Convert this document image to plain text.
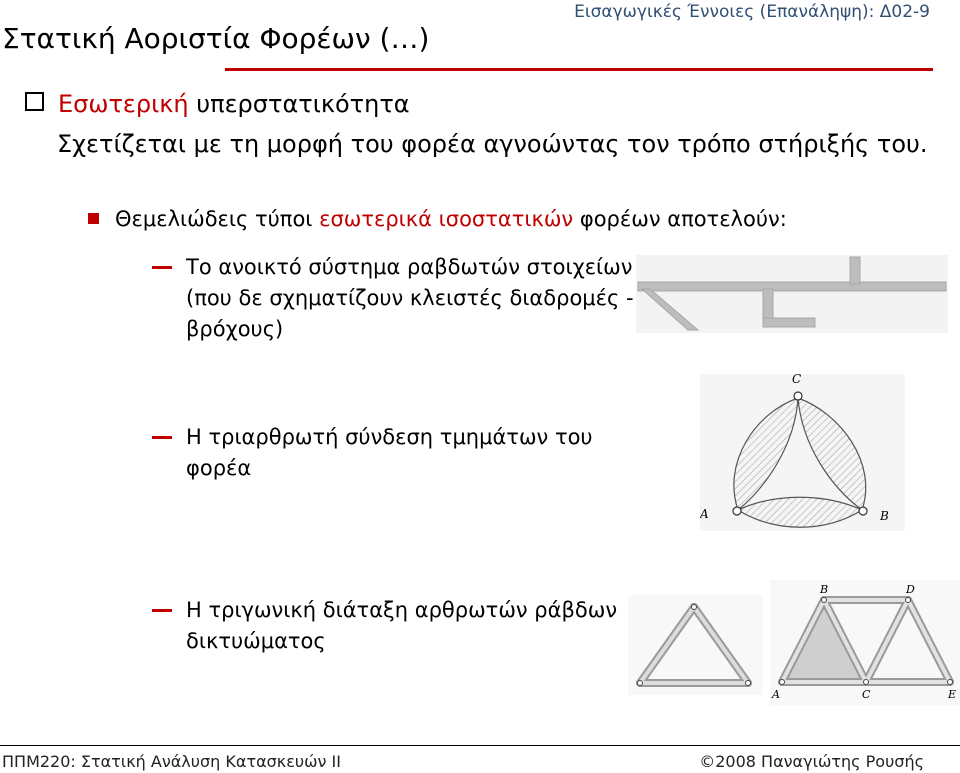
Στατική Αοριστία Φορέων (…)
Εισαγωγικές Έννοιες (Επανάληψη): Δ02-9
Εσωτερική υπερστατικότητα
Σχετίζεται με τη μορφή του φορέα αγνοώντας τον τρόπο στήριξής του.
Θεμελιώδεις τύποι εσωτερικά ισοστατικών φορέων αποτελούν:
Το ανοικτό σύστημα ραβδωτών στοιχείων (που δε σχηματίζουν κλειστές διαδρομές - βρόχους)
Η τριαρθρωτή σύνδεση τμημάτων του φορέα
Η τριγωνική διάταξη αρθρωτών ράβδων δικτυώματος
C
A	B
A
B
C
D
E
ΠΠΜ220: Στατική Ανάλυση Κατασκευών ΙΙ	©2008 Παναγιώτης Ρουσής
